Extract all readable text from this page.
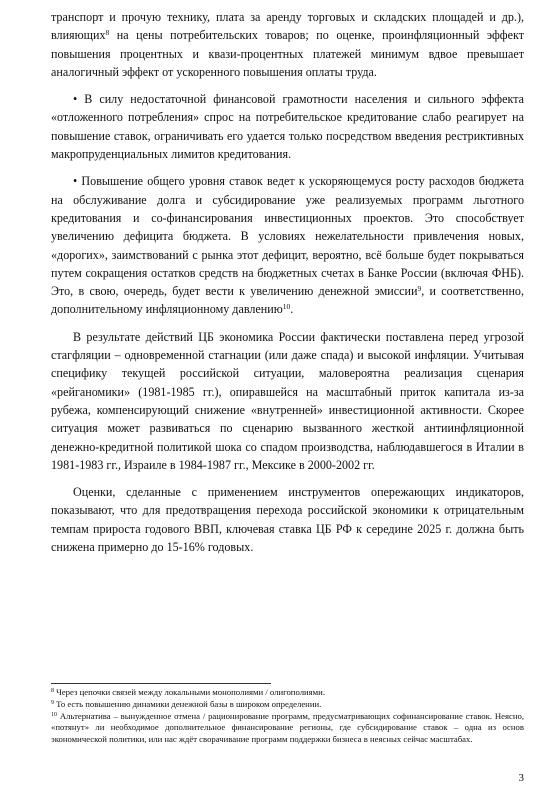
транспорт и прочую технику, плата за аренду торговых и складских площадей и др.), влияющих$^8$ на цены потребительских товаров; по оценке, проинфляционный эффект повышения процентных и квази-процентных платежей минимум вдвое превышает аналогичный эффект от ускоренного повышения оплаты труда.

• В силу недостаточной финансовой грамотности населения и сильного эффекта «отложенного потребления» спрос на потребительское кредитование слабо реагирует на повышение ставок, ограничивать его удается только посредством введения рестриктивных макропруденциальных лимитов кредитования.

• Повышение общего уровня ставок ведет к ускоряющемуся росту расходов бюджета на обслуживание долга и субсидирование уже реализуемых программ льготного кредитования и со-финансирования инвестиционных проектов. Это способствует увеличению дефицита бюджета. В условиях нежелательности привлечения новых, «дорогих», заимствований с рынка этот дефицит, вероятно, всё больше будет покрываться путем сокращения остатков средств на бюджетных счетах в Банке России (включая ФНБ). Это, в свою, очередь, будет вести к увеличению денежной эмиссии$^9$, и соответственно, дополнительному инфляционному давлению$^{10}$.

В результате действий ЦБ экономика России фактически поставлена перед угрозой стагфляции – одновременной стагнации (или даже спада) и высокой инфляции. Учитывая специфику текущей российской ситуации, маловероятна реализация сценария «рейганомики» (1981-1985 гг.), опиравшейся на масштабный приток капитала из-за рубежа, компенсирующий снижение «внутренней» инвестиционной активности. Скорее ситуация может развиваться по сценарию вызванного жесткой антиинфляционной денежно-кредитной политикой шока со спадом производства, наблюдавшегося в Италии в 1981-1983 гг., Израиле в 1984-1987 гг., Мексике в 2000-2002 гг.

Оценки, сделанные с применением инструментов опережающих индикаторов, показывают, что для предотвращения перехода российской экономики к отрицательным темпам прироста годового ВВП, ключевая ставка ЦБ РФ к середине 2025 г. должна быть снижена примерно до 15-16% годовых.

$^8$ Через цепочки связей между локальными монополиями / олигополиями.

$^9$ То есть повышению динамики денежной базы в широком определении.

$^{10}$ Альтернатива – вынужденное отмена / рационирование программ, предусматривающих софинансирование ставок. Неясно, «потянут» ли необходимое дополнительное финансирование регионы, где субсидирование ставок – одна из основ экономической политики, или нас ждёт сворачивание программ поддержки бизнеса в неясных сейчас масштабах.

3
